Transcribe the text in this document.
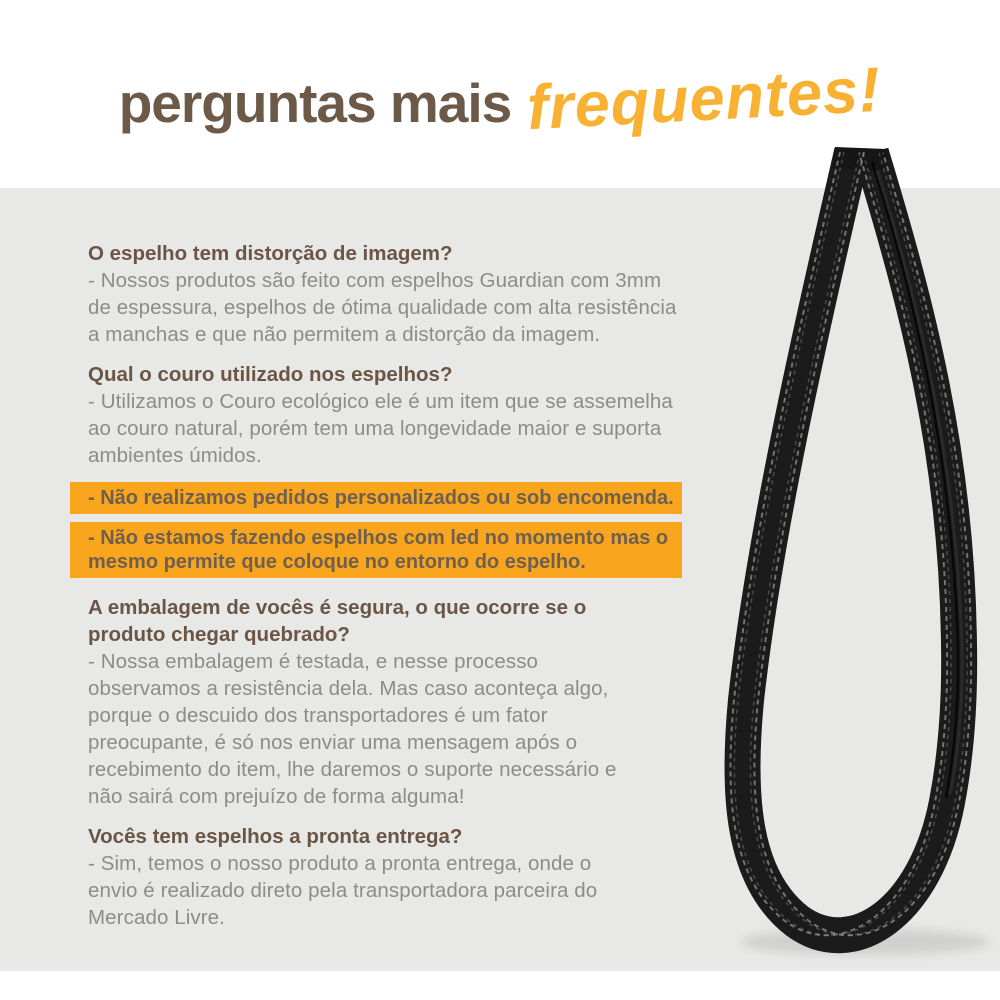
perguntas mais frequentes!
O espelho tem distorção de imagem?
- Nossos produtos são feito com espelhos Guardian com 3mm
de espessura, espelhos de ótima qualidade com alta resistência
a manchas e que não permitem a distorção da imagem.
Qual o couro utilizado nos espelhos?
- Utilizamos o Couro ecológico ele é um item que se assemelha
ao couro natural, porém tem uma longevidade maior e suporta
ambientes úmidos.
- Não realizamos pedidos personalizados ou sob encomenda.
- Não estamos fazendo espelhos com led no momento mas o
mesmo permite que coloque no entorno do espelho.
A embalagem de vocês é segura, o que ocorre se o
produto chegar quebrado?
- Nossa embalagem é testada, e nesse processo
observamos a resistência dela. Mas caso aconteça algo,
porque o descuido dos transportadores é um fator
preocupante, é só nos enviar uma mensagem após o
recebimento do item, lhe daremos o suporte necessário e
não sairá com prejuízo de forma alguma!
Vocês tem espelhos a pronta entrega?
- Sim, temos o nosso produto a pronta entrega, onde o
envio é realizado direto pela transportadora parceira do
Mercado Livre.
